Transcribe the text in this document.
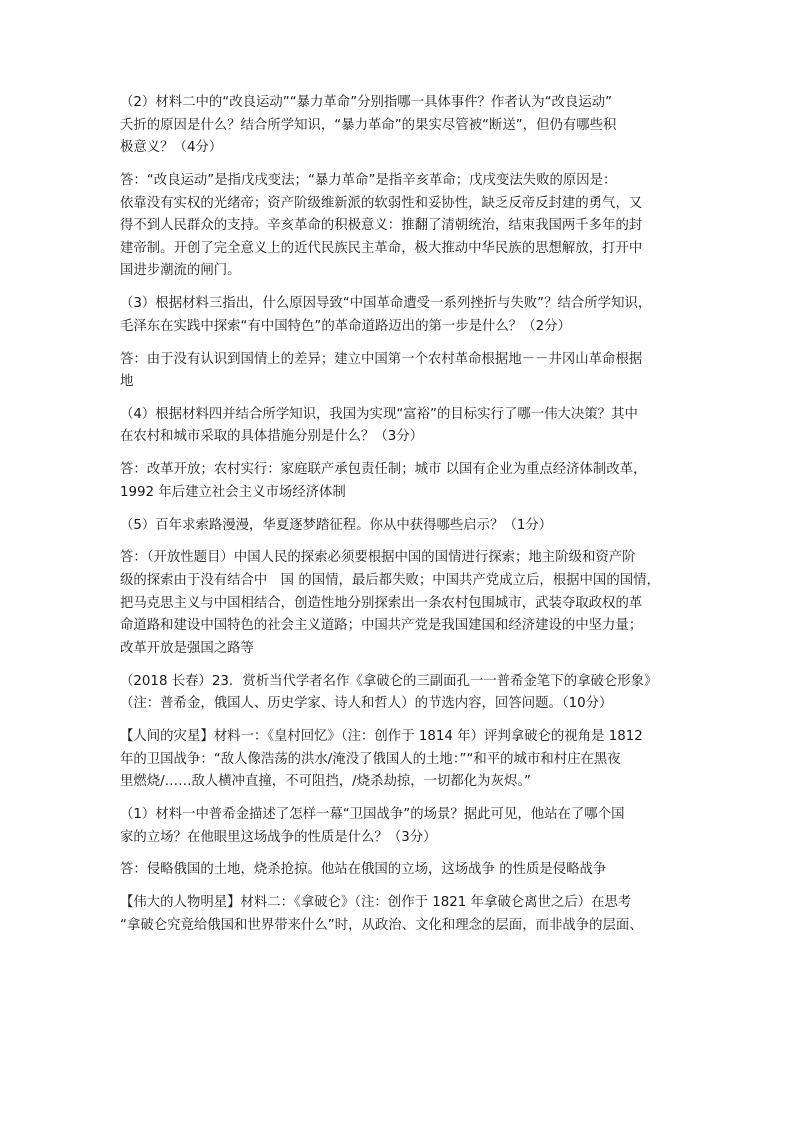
（2）材料二中的“改良运动”“暴力革命”分别指哪一具体事件？作者认为“改良运动”
夭折的原因是什么？结合所学知识，“暴力革命”的果实尽管被“断送”，但仍有哪些积
极意义？（4分）
答：“改良运动”是指戊戌变法；“暴力革命”是指辛亥革命；戊戌变法失败的原因是：
依靠没有实权的光绪帝；资产阶级维新派的软弱性和妥协性，缺乏反帝反封建的勇气，又
得不到人民群众的支持。辛亥革命的积极意义：推翻了清朝统治，结束我国两千多年的封
建帝制。开创了完全意义上的近代民族民主革命，极大推动中华民族的思想解放，打开中
国进步潮流的闸门。
（3）根据材料三指出，什么原因导致“中国革命遭受一系列挫折与失败”？结合所学知识，
毛泽东在实践中探索“有中国特色”的革命道路迈出的第一步是什么？（2分）
答：由于没有认识到国情上的差异；建立中国第一个农村革命根据地－－井冈山革命根据
地
（4）根据材料四并结合所学知识，我国为实现“富裕”的目标实行了哪一伟大决策？其中
在农村和城市采取的具体措施分别是什么？（3分）
答：改革开放；农村实行：家庭联产承包责任制；城市 以国有企业为重点经济体制改革，
1992 年后建立社会主义市场经济体制
（5）百年求索路漫漫，华夏逐梦踏征程。你从中获得哪些启示？（1分）
答：（开放性题目）中国人民的探索必须要根据中国的国情进行探索；地主阶级和资产阶
级的探索由于没有结合中　国 的国情，最后都失败；中国共产党成立后，根据中国的国情，
把马克思主义与中国相结合，创造性地分别探索出一条农村包围城市，武装夺取政权的革
命道路和建设中国特色的社会主义道路；中国共产党是我国建国和经济建设的中坚力量；
改革开放是强国之路等
（2018 长春）23．赏析当代学者名作《拿破仑的三副面孔一一普希金笔下的拿破仑形象》
（注：普希金，俄国人、历史学家、诗人和哲人）的节选内容，回答问题。（10分）
【人间的灾星】材料一：《皇村回忆》（注：创作于 1814 年）评判拿破仑的视角是 1812
年的卫国战争：“敌人像浩荡的洪水/淹没了俄国人的土地：”“和平的城市和村庄在黑夜
里燃烧/……敌人横冲直撞，不可阻挡，/烧杀劫掠，一切都化为灰烬。”
（1）材料一中普希金描述了怎样一幕“卫国战争”的场景？据此可见，他站在了哪个国
家的立场？在他眼里这场战争的性质是什么？（3分）
答：侵略俄国的土地，烧杀抢掠。他站在俄国的立场，这场战争 的性质是侵略战争
【伟大的人物明星】材料二：《拿破仑》（注：创作于 1821 年拿破仑离世之后）在思考
“拿破仑究竟给俄国和世界带来什么”时，从政治、文化和理念的层面，而非战争的层面、
